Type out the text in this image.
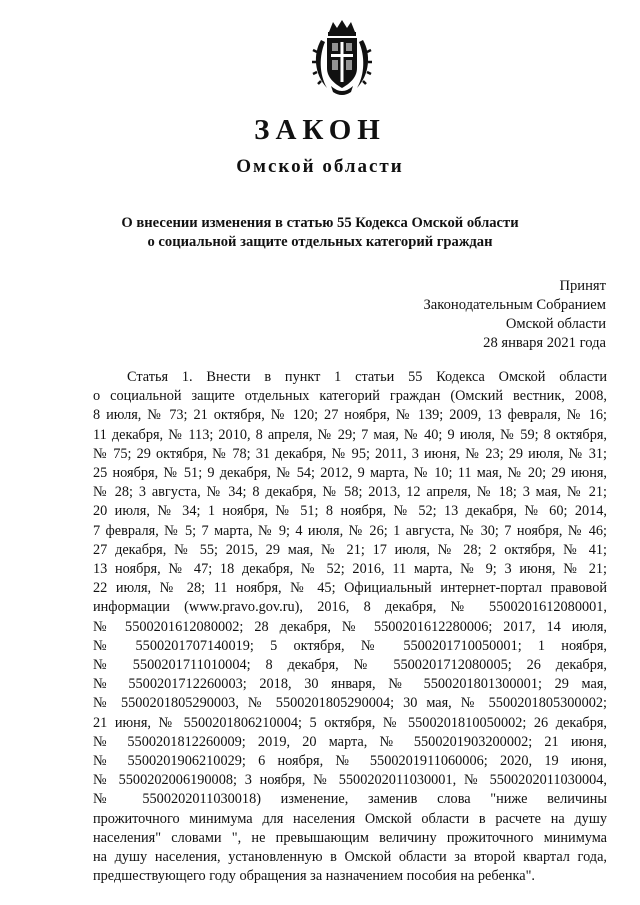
ЗАКОН
Омской области
О внесении изменения в статью 55 Кодекса Омской области
о социальной защите отдельных категорий граждан
Принят
Законодательным Собранием
Омской области
28 января 2021 года
Статья 1. Внести в пункт 1 статьи 55 Кодекса Омской области
о социальной защите отдельных категорий граждан (Омский вестник, 2008,
8 июля, № 73; 21 октября, № 120; 27 ноября, № 139; 2009, 13 февраля, № 16;
11 декабря, № 113; 2010, 8 апреля, № 29; 7 мая, № 40; 9 июля, № 59; 8 октября,
№ 75; 29 октября, № 78; 31 декабря, № 95; 2011, 3 июня, № 23; 29 июля, № 31;
25 ноября, № 51; 9 декабря, № 54; 2012, 9 марта, № 10; 11 мая, № 20; 29 июня,
№ 28; 3 августа, № 34; 8 декабря, № 58; 2013, 12 апреля, № 18; 3 мая, № 21;
20 июля, № 34; 1 ноября, № 51; 8 ноября, № 52; 13 декабря, № 60; 2014,
7 февраля, № 5; 7 марта, № 9; 4 июля, № 26; 1 августа, № 30; 7 ноября, № 46;
27 декабря, № 55; 2015, 29 мая, № 21; 17 июля, № 28; 2 октября, № 41;
13 ноября, № 47; 18 декабря, № 52; 2016, 11 марта, № 9; 3 июня, № 21;
22 июля, № 28; 11 ноября, № 45; Официальный интернет-портал правовой
информации (www.pravo.gov.ru), 2016, 8 декабря, № 5500201612080001,
№ 5500201612080002; 28 декабря, № 5500201612280006; 2017, 14 июля,
№ 5500201707140019; 5 октября, № 5500201710050001; 1 ноября,
№ 5500201711010004; 8 декабря, № 5500201712080005; 26 декабря,
№ 5500201712260003; 2018, 30 января, № 5500201801300001; 29 мая,
№ 5500201805290003, № 5500201805290004; 30 мая, № 5500201805300002;
21 июня, № 5500201806210004; 5 октября, № 5500201810050002; 26 декабря,
№ 5500201812260009; 2019, 20 марта, № 5500201903200002; 21 июня,
№ 5500201906210029; 6 ноября, № 5500201911060006; 2020, 19 июня,
№ 5500202006190008; 3 ноября, № 5500202011030001, № 5500202011030004,
№ 5500202011030018) изменение, заменив слова "ниже величины
прожиточного минимума для населения Омской области в расчете на душу
населения" словами ", не превышающим величину прожиточного минимума
на душу населения, установленную в Омской области за второй квартал года,
предшествующего году обращения за назначением пособия на ребенка".
